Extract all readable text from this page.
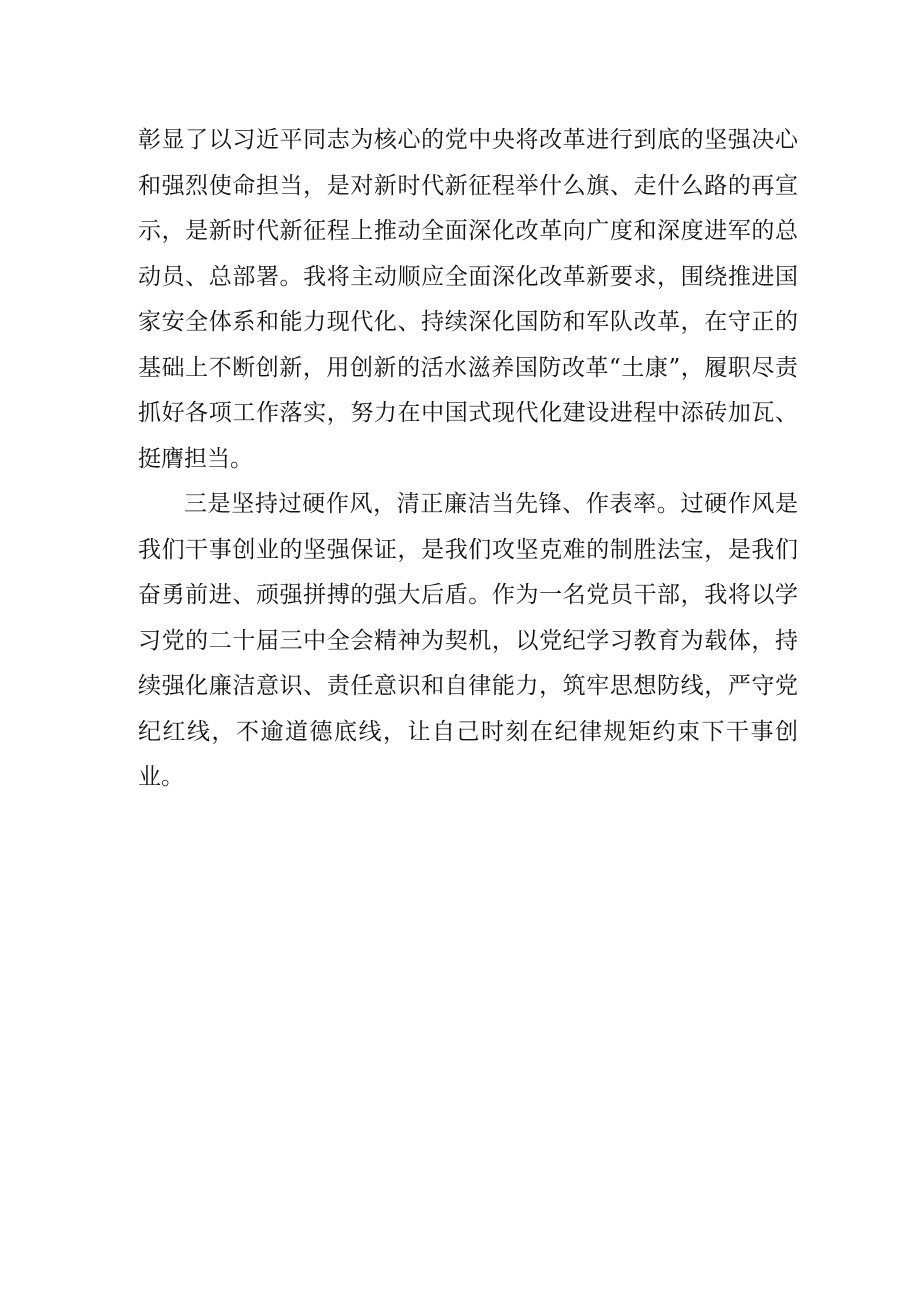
彰显了以习近平同志为核心的党中央将改革进行到底的坚强决心和强烈使命担当，是对新时代新征程举什么旗、走什么路的再宣示，是新时代新征程上推动全面深化改革向广度和深度进军的总动员、总部署。我将主动顺应全面深化改革新要求，围绕推进国家安全体系和能力现代化、持续深化国防和军队改革，在守正的基础上不断创新，用创新的活水滋养国防改革“土康”，履职尽责抓好各项工作落实，努力在中国式现代化建设进程中添砖加瓦、挺膺担当。

三是坚持过硬作风，清正廉洁当先锋、作表率。过硬作风是我们干事创业的坚强保证，是我们攻坚克难的制胜法宝，是我们奋勇前进、顽强拼搏的强大后盾。作为一名党员干部，我将以学习党的二十届三中全会精神为契机，以党纪学习教育为载体，持续强化廉洁意识、责任意识和自律能力，筑牢思想防线，严守党纪红线，不逾道德底线，让自己时刻在纪律规矩约束下干事创业。
